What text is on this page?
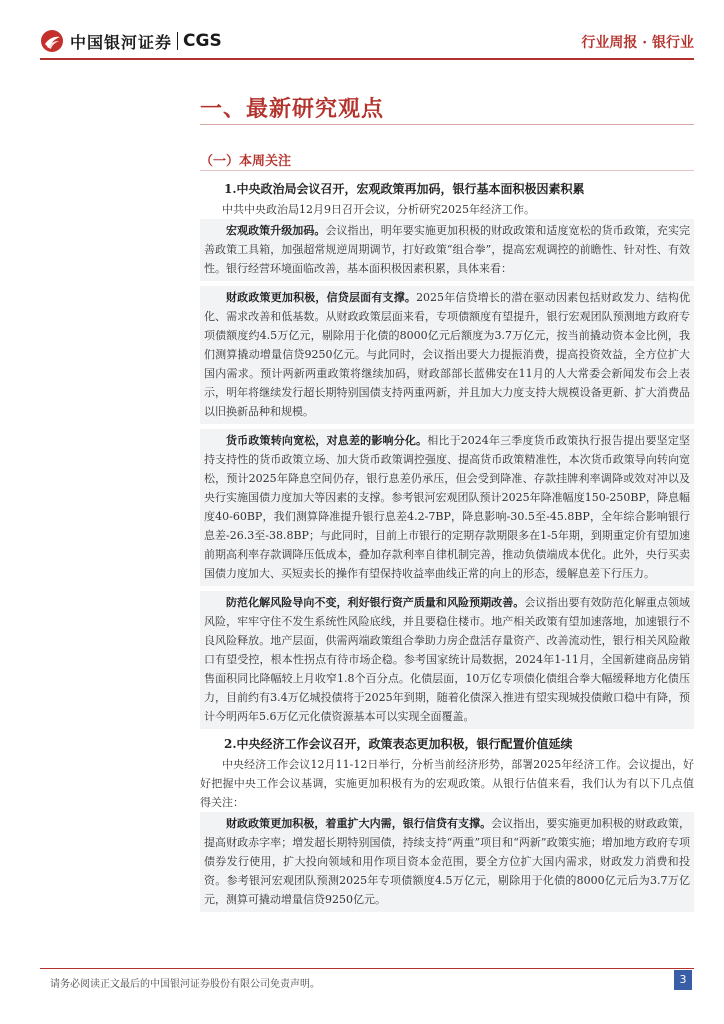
中国银河证券 CGS	行业周报 · 银行业
一、最新研究观点
（一）本周关注
1.中央政治局会议召开，宏观政策再加码，银行基本面积极因素积累

中共中央政治局12月9日召开会议，分析研究2025年经济工作。

宏观政策升级加码。会议指出，明年要实施更加积极的财政政策和适度宽松的货币政策，充实完善政策工具箱，加强超常规逆周期调节，打好政策“组合拳”，提高宏观调控的前瞻性、针对性、有效性。银行经营环境面临改善，基本面积极因素积累，具体来看：

财政政策更加积极，信贷层面有支撑。2025年信贷增长的潜在驱动因素包括财政发力、结构优化、需求改善和低基数。从财政政策层面来看，专项债额度有望提升，银行宏观团队预测地方政府专项债额度约4.5万亿元，剔除用于化债的8000亿元后额度为3.7万亿元，按当前撬动资本金比例，我们测算撬动增量信贷9250亿元。与此同时，会议指出要大力提振消费，提高投资效益，全方位扩大国内需求。预计两新两重政策将继续加码，财政部部长蓝佛安在11月的人大常委会新闻发布会上表示，明年将继续发行超长期特别国债支持两重两新，并且加大力度支持大规模设备更新、扩大消费品以旧换新品种和规模。

货币政策转向宽松，对息差的影响分化。相比于2024年三季度货币政策执行报告提出要坚定坚持支持性的货币政策立场、加大货币政策调控强度、提高货币政策精准性，本次货币政策导向转向宽松，预计2025年降息空间仍存，银行息差仍承压，但会受到降准、存款挂牌利率调降或效对冲以及央行实施国债力度加大等因素的支撑。参考银河宏观团队预计2025年降准幅度150-250BP，降息幅度40-60BP，我们测算降准提升银行息差4.2-7BP，降息影响-30.5至-45.8BP，全年综合影响银行息差-26.3至-38.8BP；与此同时，目前上市银行的定期存款期限多在1-5年期，到期重定价有望加速前期高利率存款调降压低成本，叠加存款利率自律机制完善，推动负债端成本优化。此外，央行买卖国债力度加大、买短卖长的操作有望保持收益率曲线正常的向上的形态，缓解息差下行压力。

防范化解风险导向不变，利好银行资产质量和风险预期改善。会议指出要有效防范化解重点领域风险，牢牢守住不发生系统性风险底线，并且要稳住楼市。地产相关政策有望加速落地，加速银行不良风险释放。地产层面，供需两端政策组合拳助力房企盘活存量资产、改善流动性，银行相关风险敞口有望受控，根本性拐点有待市场企稳。参考国家统计局数据，2024年1-11月，全国新建商品房销售面积同比降幅较上月收窄1.8个百分点。化债层面，10万亿专项债化债组合拳大幅缓释地方化债压力，目前约有3.4万亿城投债将于2025年到期，随着化债深入推进有望实现城投债敞口稳中有降，预计今明两年5.6万亿元化债资源基本可以实现全面覆盖。

2.中央经济工作会议召开，政策表态更加积极，银行配置价值延续

中央经济工作会议12月11-12日举行，分析当前经济形势，部署2025年经济工作。会议提出，好好把握中央工作会议基调，实施更加积极有为的宏观政策。从银行估值来看，我们认为有以下几点值得关注：

财政政策更加积极，着重扩大内需，银行信贷有支撑。会议指出，要实施更加积极的财政政策，提高财政赤字率；增发超长期特别国债，持续支持“两重”项目和“两新”政策实施；增加地方政府专项债券发行使用，扩大投向领域和用作项目资本金范围，要全方位扩大国内需求，财政发力消费和投资。参考银河宏观团队预测2025年专项债额度4.5万亿元，剔除用于化债的8000亿元后为3.7万亿元，测算可撬动增量信贷9250亿元。

请务必阅读正文最后的中国银河证券股份有限公司免责声明。	3
